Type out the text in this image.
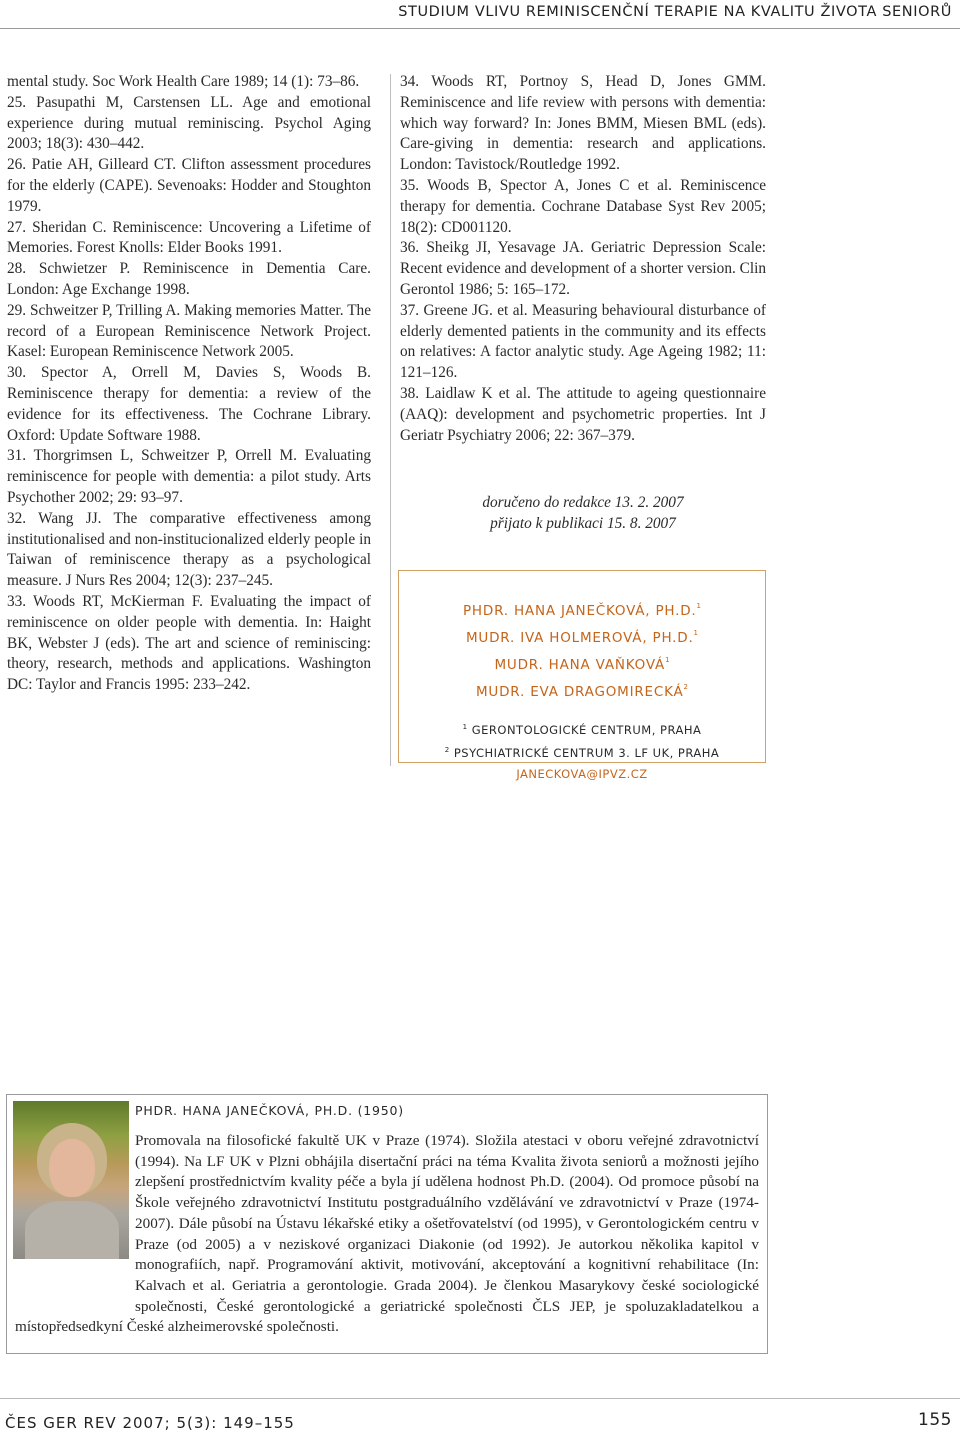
STUDIUM VLIVU REMINISCENČNÍ TERAPIE NA KVALITU ŽIVOTA SENIORŮ
mental study. Soc Work Health Care 1989; 14 (1): 73–86.
25. Pasupathi M, Carstensen LL. Age and emotional experience during mutual reminiscing. Psychol Aging 2003; 18(3): 430–442.
26. Patie AH, Gilleard CT. Clifton assessment procedures for the elderly (CAPE). Sevenoaks: Hodder and Stoughton 1979.
27. Sheridan C. Reminiscence: Uncovering a Lifetime of Memories. Forest Knolls: Elder Books 1991.
28. Schwietzer P. Reminiscence in Dementia Care. London: Age Exchange 1998.
29. Schweitzer P, Trilling A. Making memories Matter. The record of a European Reminiscence Network Project. Kasel: European Reminiscence Network 2005.
30. Spector A, Orrell M, Davies S, Woods B. Reminiscence therapy for dementia: a review of the evidence for its effectiveness. The Cochrane Library. Oxford: Update Software 1988.
31. Thorgrimsen L, Schweitzer P, Orrell M. Evaluating reminiscence for people with dementia: a pilot study. Arts Psychother 2002; 29: 93–97.
32. Wang JJ. The comparative effectiveness among institutionalised and non-institucionalized elderly people in Taiwan of reminiscence therapy as a psychological measure. J Nurs Res 2004; 12(3): 237–245.
33. Woods RT, McKierman F. Evaluating the impact of reminiscence on older people with dementia. In: Haight BK, Webster J (eds). The art and science of reminiscing: theory, research, methods and applications. Washington DC: Taylor and Francis 1995: 233–242.
34. Woods RT, Portnoy S, Head D, Jones GMM. Reminiscence and life review with persons with dementia: which way forward? In: Jones BMM, Miesen BML (eds). Care-giving in dementia: research and applications. London: Tavistock/Routledge 1992.
35. Woods B, Spector A, Jones C et al. Reminiscence therapy for dementia. Cochrane Database Syst Rev 2005; 18(2): CD001120.
36. Sheikg JI, Yesavage JA. Geriatric Depression Scale: Recent evidence and development of a shorter version. Clin Gerontol 1986; 5: 165–172.
37. Greene JG. et al. Measuring behavioural disturbance of elderly demented patients in the community and its effects on relatives: A factor analytic study. Age Ageing 1982; 11: 121–126.
38. Laidlaw K et al. The attitude to ageing questionnaire (AAQ): development and psychometric properties. Int J Geriatr Psychiatry 2006; 22: 367–379.
doručeno do redakce 13. 2. 2007
přijato k publikaci 15. 8. 2007
PHDR. HANA JANEČKOVÁ, PH.D.$^1$
MUDR. IVA HOLMEROVÁ, PH.D.$^1$
MUDR. HANA VAŇKOVÁ$^1$
MUDR. EVA DRAGOMIRECKÁ$^2$
$^1$ GERONTOLOGICKÉ CENTRUM, PRAHA
$^2$ PSYCHIATRICKÉ CENTRUM 3. LF UK, PRAHA
JANECKOVA@IPVZ.CZ
PHDR. HANA JANEČKOVÁ, PH.D. (1950)
Promovala na filosofické fakultě UK v Praze (1974). Složila atestaci v oboru veřejné zdravotnictví (1994). Na LF UK v Plzni obhájila disertační práci na téma Kvalita života seniorů a možnosti jejího zlepšení prostřednictvím kvality péče a byla jí udělena hodnost Ph.D. (2004). Od promoce působí na Škole veřejného zdravotnictví Institutu postgraduálního vzdělávání ve zdravotnictví v Praze (1974-2007). Dále působí na Ústavu lékařské etiky a ošetřovatelství (od 1995), v Gerontologickém centru v Praze (od 2005) a v neziskové organizaci Diakonie (od 1992). Je autorkou několika kapitol v monografiích, např. Programování aktivit, motivování, akceptování a kognitivní rehabilitace (In: Kalvach et al. Geriatria a gerontologie. Grada 2004). Je členkou Masarykovy české sociologické společnosti, České gerontologické a geriatrické společnosti ČLS JEP, je spoluzakladatelkou a místopředsedkyní České alzheimerovské společnosti.
ČES GER REV 2007; 5(3): 149–155	155
